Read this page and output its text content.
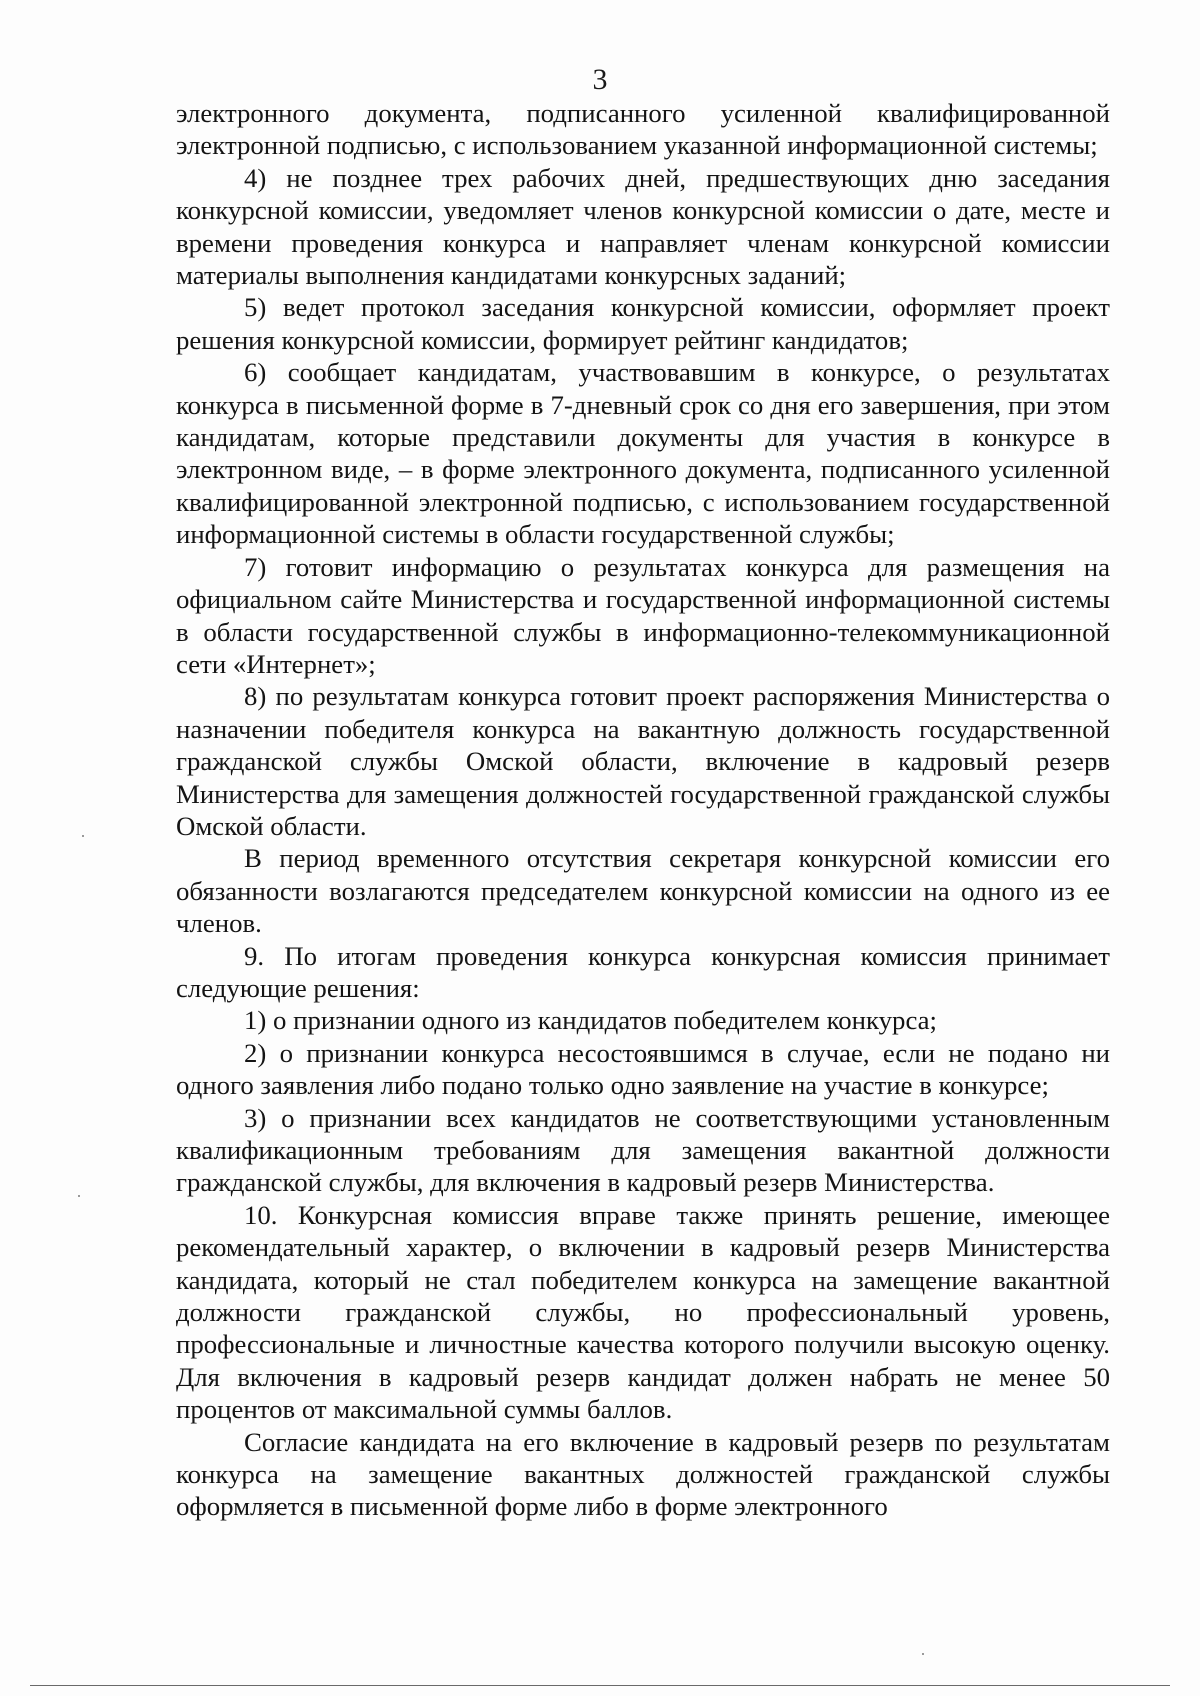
3

электронного документа, подписанного усиленной квалифицированной электронной подписью, с использованием указанной информационной системы;

4) не позднее трех рабочих дней, предшествующих дню заседания конкурсной комиссии, уведомляет членов конкурсной комиссии о дате, месте и времени проведения конкурса и направляет членам конкурсной комиссии материалы выполнения кандидатами конкурсных заданий;

5) ведет протокол заседания конкурсной комиссии, оформляет проект решения конкурсной комиссии, формирует рейтинг кандидатов;

6) сообщает кандидатам, участвовавшим в конкурсе, о результатах конкурса в письменной форме в 7-дневный срок со дня его завершения, при этом кандидатам, которые представили документы для участия в конкурсе в электронном виде, – в форме электронного документа, подписанного усиленной квалифицированной электронной подписью, с использованием государственной информационной системы в области государственной службы;

7) готовит информацию о результатах конкурса для размещения на официальном сайте Министерства и государственной информационной системы в области государственной службы в информационно-телекоммуникационной сети «Интернет»;

8) по результатам конкурса готовит проект распоряжения Министерства о назначении победителя конкурса на вакантную должность государственной гражданской службы Омской области, включение в кадровый резерв Министерства для замещения должностей государственной гражданской службы Омской области.

В период временного отсутствия секретаря конкурсной комиссии его обязанности возлагаются председателем конкурсной комиссии на одного из ее членов.

9. По итогам проведения конкурса конкурсная комиссия принимает следующие решения:

1) о признании одного из кандидатов победителем конкурса;

2) о признании конкурса несостоявшимся в случае, если не подано ни одного заявления либо подано только одно заявление на участие в конкурсе;

3) о признании всех кандидатов не соответствующими установленным квалификационным требованиям для замещения вакантной должности гражданской службы, для включения в кадровый резерв Министерства.

10. Конкурсная комиссия вправе также принять решение, имеющее рекомендательный характер, о включении в кадровый резерв Министерства кандидата, который не стал победителем конкурса на замещение вакантной должности гражданской службы, но профессиональный уровень, профессиональные и личностные качества которого получили высокую оценку. Для включения в кадровый резерв кандидат должен набрать не менее 50 процентов от максимальной суммы баллов.

Согласие кандидата на его включение в кадровый резерв по результатам конкурса на замещение вакантных должностей гражданской службы оформляется в письменной форме либо в форме электронного
